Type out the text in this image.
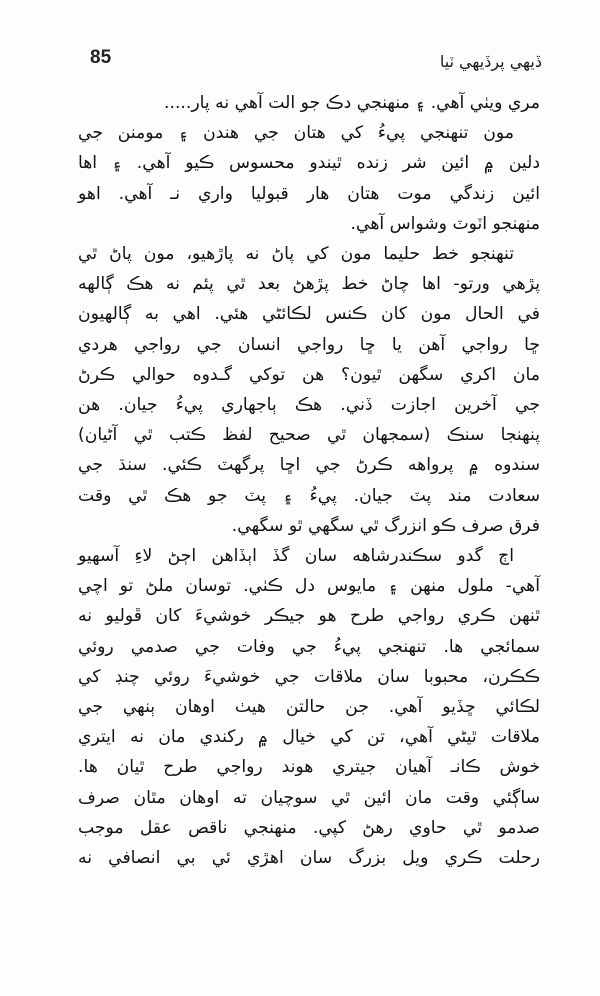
85	ڏيهي پرڏيهي ٽيا

مري ويٺي آهي. ۽ منهنجي دڪ جو الت آهي نه پار.....

مون تنهنجي پيءُ کي هتان جي هندن ۽ مومنن جي
دلين ۾ ائين شر زنده ٿيندو محسوس ڪيو آهي. ۽ اها
ائين زندگي موت هتان هار قبوليا واري نـ آهي. اهو
منهنجو اٽوٽ وشواس آهي.

تنهنجو خط حليما مون کي پاڻ نه پاڙهيو، مون پاڻ ٿي
پڙهي ورتو- اها چاڻ خط پڙهڻ بعد ٿي پئم نه هڪ ڳالهه
في الحال مون کان ڪنس لڪائڻي هئي. اهي به ڳالهيون
ڇا رواجي آهن يا ڇا رواجي انسان جي رواجي هردي
مان اکري سگهن ٿيون؟ هن توکي گـدوه حوالي ڪرڻ
جي آخرين اجازت ڏني. هڪ ٻاجهاري پيءُ جيان. هن
پنهنجا سنڪ (سمجهان ٿي صحيح لفظ ڪتب ٿي آڻيان)
سندوه ۾ پرواهه ڪرڻ جي اڇا پرگهٽ ڪئي. سنڌ جي
سعادت مند پٽ جيان. پيءُ ۽ پٽ جو هڪ ٿي وقت
فرق صرف ڪو انزرگ ٿي سگهي ٿو سگهي.

اڄ گدو سڪندرشاهه سان گڏ اٻڏاهن اڄڻ لاءِ آسهيو
آهي- ملول منهن ۽ مايوس دل ڪٺي. توسان ملڻ تو اچي
ٿنهن ڪري رواجي طرح هو جيڪر خوشيءَ کان ڦوليو نه
سمائجي ها. تنهنجي پيءُ جي وفات جي صدمي روئي
ڪڪرن، محبوبا سان ملاقات جي خوشيءَ روئي چنڊ کي
لڪائي ڇڏيو آهي. جن حالتن هيٺ اوهان ٻنهي جي
ملاقات ٿيڻي آهي، تن کي خيال ۾ رکندي مان نه ايتري
خوش ڪانـ آهيان جيتري هوند رواجي طرح ٿيان ها.
ساڳئي وقت مان ائين ٿي سوچيان ته اوهان مٿان صرف
صدمو ٿي حاوي رهڻ کپي. منهنجي ناقص عقل موجب
رحلت ڪري ويل بزرگ سان اهڙي ئي بي انصافي نه
